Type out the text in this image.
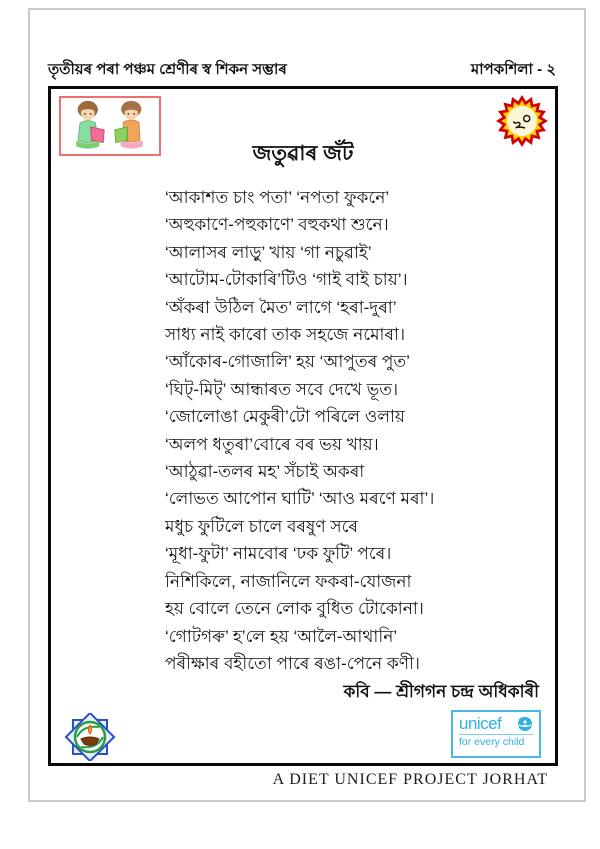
তৃতীয়ৰ পৰা পঞ্চম শ্ৰেণীৰ স্ব শিকন সম্ভাৰ	মাপকশিলা - ২
২০
জতুৱাৰ জঁট
‘আকাশত চাং পতা’ ‘নপতা ফুকনে’
‘অহুকাণে-পহুকাণে’ বহুকথা শুনে।
‘আলাসৰ লাড়ু’ খায় ‘গা নচুৱাই’
‘আটোম-টোকাৰি’টিও ‘গাই বাই চায়’।
‘অঁকৰা উঠিল মৈত’ লাগে ‘হৰা-দুৰা’
সাধ্য নাই কাৰো তাক সহজে নমোৰা।
‘আঁকোৰ-গোজালি’ হয় ‘আপুতৰ পুত’
‘ঘিট্-মিট্’ আন্ধাৰত সবে দেখে ভূত।
‘জোলোঙা মেকুৰী’টো পৰিলে ওলায়
‘অলপ ধতুৰা’বোৰে বৰ ভয় খায়।
‘আঠুৱা-তলৰ মহ’ সঁচাই অকৰা
‘লোভত আপোন ঘাটি’ ‘আও মৰণে মৰা’।
মধুচ ফুটিলে চালে বৰষুণ সৰে
‘মূধা-ফুটা’ নামবোৰ ‘ঢক ফুটি’ পৰে।
নিশিকিলে, নাজানিলে ফকৰা-যোজনা
হয় বোলে তেনে লোক বুধিত টোকোনা।
‘গোটগৰু’ হ’লে হয় ‘আলৈ-আথানি’
পৰীক্ষাৰ বহীতো পাৰে ৰঙা-পেনে কণী।
কবি — শ্ৰীগগন চন্দ্ৰ অধিকাৰী
unicef
for every child
A DIET UNICEF PROJECT JORHAT
